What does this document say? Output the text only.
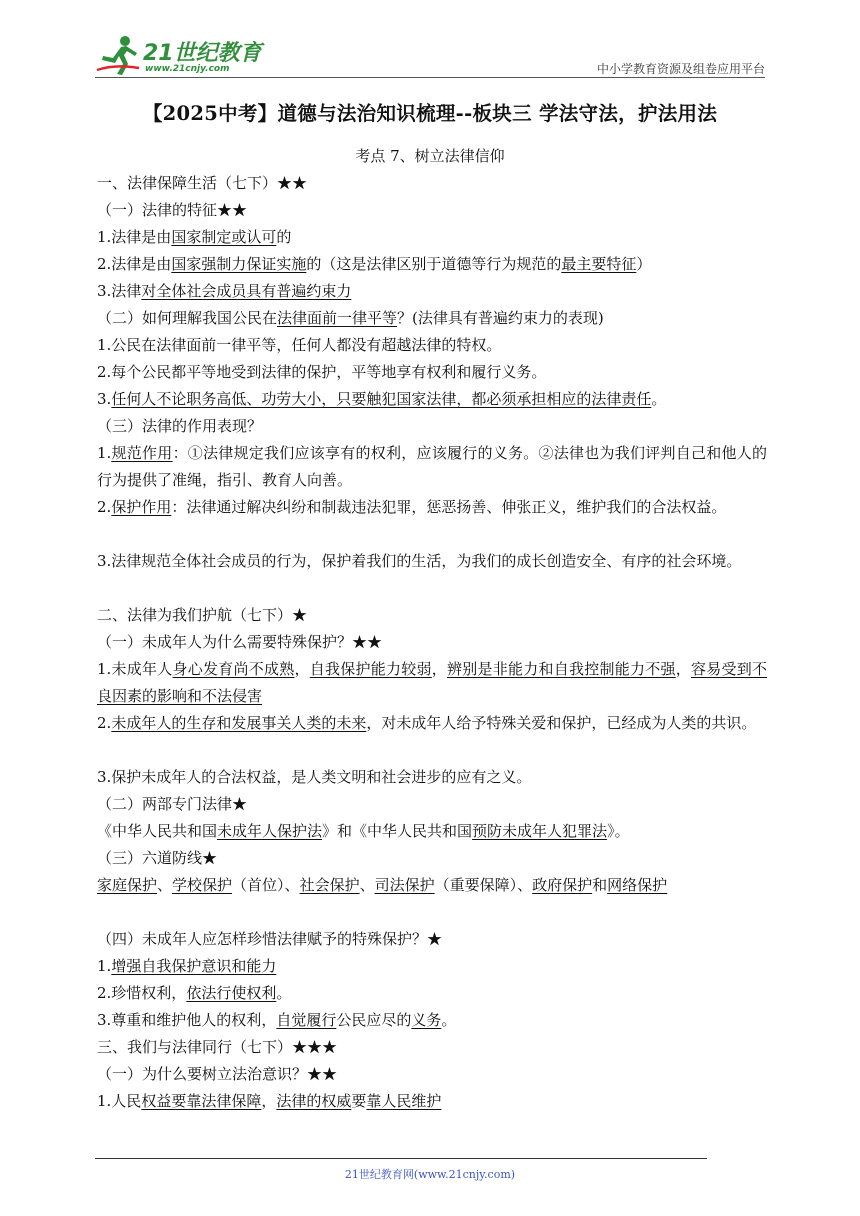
21世纪教育
www.21cnjy.com	中小学教育资源及组卷应用平台
【2025中考】道德与法治知识梳理--板块三 学法守法，护法用法
考点 7、树立法律信仰
一、法律保障生活（七下）★★
（一）法律的特征★★
1.法律是由国家制定或认可的
2.法律是由国家强制力保证实施的（这是法律区别于道德等行为规范的最主要特征）
3.法律对全体社会成员具有普遍约束力
（二）如何理解我国公民在法律面前一律平等？(法律具有普遍约束力的表现)
1.公民在法律面前一律平等，任何人都没有超越法律的特权。
2.每个公民都平等地受到法律的保护，平等地享有权利和履行义务。
3.任何人不论职务高低、功劳大小，只要触犯国家法律，都必须承担相应的法律责任。
（三）法律的作用表现？
1.规范作用：①法律规定我们应该享有的权利，应该履行的义务。②法律也为我们评判自己和他人的行为提供了准绳，指引、教育人向善。
2.保护作用：法律通过解决纠纷和制裁违法犯罪，惩恶扬善、伸张正义，维护我们的合法权益。
3.法律规范全体社会成员的行为，保护着我们的生活，为我们的成长创造安全、有序的社会环境。
二、法律为我们护航（七下）★
（一）未成年人为什么需要特殊保护？★★
1.未成年人身心发育尚不成熟，自我保护能力较弱，辨别是非能力和自我控制能力不强，容易受到不良因素的影响和不法侵害
2.未成年人的生存和发展事关人类的未来，对未成年人给予特殊关爱和保护，已经成为人类的共识。
3.保护未成年人的合法权益，是人类文明和社会进步的应有之义。
（二）两部专门法律★
《中华人民共和国未成年人保护法》和《中华人民共和国预防未成年人犯罪法》。
（三）六道防线★
家庭保护、学校保护（首位）、社会保护、司法保护（重要保障）、政府保护和网络保护
（四）未成年人应怎样珍惜法律赋予的特殊保护？★
1.增强自我保护意识和能力
2.珍惜权利，依法行使权利。
3.尊重和维护他人的权利，自觉履行公民应尽的义务。
三、我们与法律同行（七下）★★★
（一）为什么要树立法治意识？★★
1.人民权益要靠法律保障，法律的权威要靠人民维护
21世纪教育网(www.21cnjy.com)
